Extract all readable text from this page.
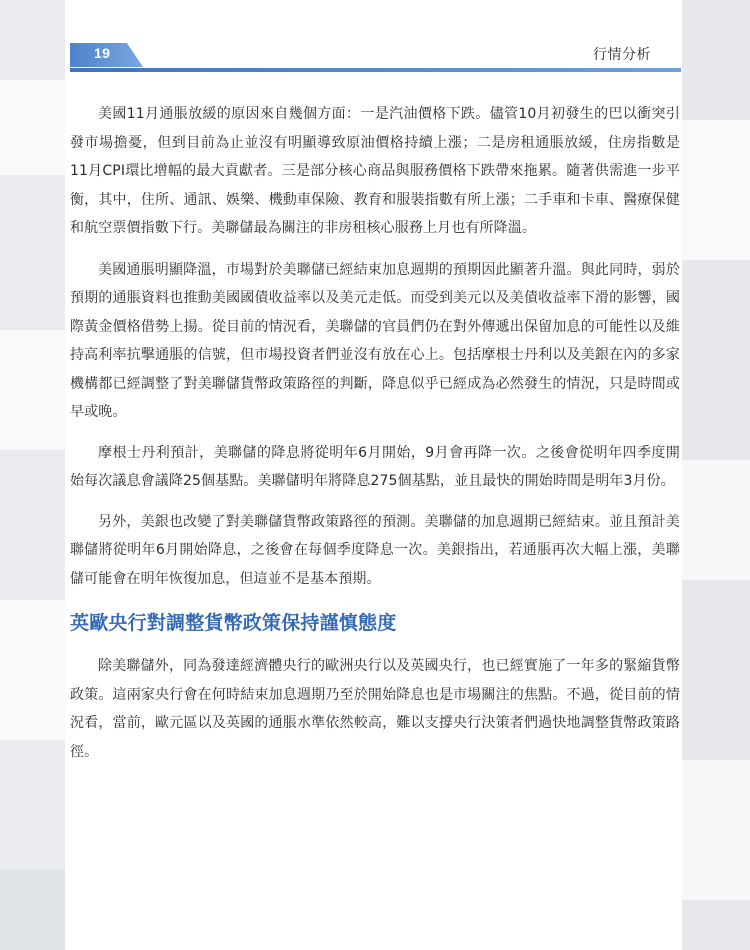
19	行情分析

美國11月通脹放緩的原因來自幾個方面：一是汽油價格下跌。儘管10月初發生的巴以衝突引發市場擔憂，但到目前為止並沒有明顯導致原油價格持續上漲；二是房租通脹放緩，住房指數是11月CPI環比增幅的最大貢獻者。三是部分核心商品與服務價格下跌帶來拖累。隨著供需進一步平衡，其中，住所、通訊、娛樂、機動車保險、教育和服裝指數有所上漲；二手車和卡車、醫療保健和航空票價指數下行。美聯儲最為關注的非房租核心服務上月也有所降溫。

美國通脹明顯降溫，市場對於美聯儲已經結束加息週期的預期因此顯著升溫。與此同時，弱於預期的通脹資料也推動美國國債收益率以及美元走低。而受到美元以及美債收益率下滑的影響，國際黃金價格借勢上揚。從目前的情況看，美聯儲的官員們仍在對外傳遞出保留加息的可能性以及維持高利率抗擊通脹的信號，但市場投資者們並沒有放在心上。包括摩根士丹利以及美銀在內的多家機構都已經調整了對美聯儲貨幣政策路徑的判斷，降息似乎已經成為必然發生的情況，只是時間或早或晚。

摩根士丹利預計，美聯儲的降息將從明年6月開始，9月會再降一次。之後會從明年四季度開始每次議息會議降25個基點。美聯儲明年將降息275個基點，並且最快的開始時間是明年3月份。

另外，美銀也改變了對美聯儲貨幣政策路徑的預測。美聯儲的加息週期已經結束。並且預計美聯儲將從明年6月開始降息，之後會在每個季度降息一次。美銀指出，若通脹再次大幅上漲，美聯儲可能會在明年恢復加息，但這並不是基本預期。

英歐央行對調整貨幣政策保持謹慎態度

除美聯儲外，同為發達經濟體央行的歐洲央行以及英國央行，也已經實施了一年多的緊縮貨幣政策。這兩家央行會在何時結束加息週期乃至於開始降息也是市場關注的焦點。不過，從目前的情況看，當前，歐元區以及英國的通脹水準依然較高，難以支撐央行決策者們過快地調整貨幣政策路徑。
